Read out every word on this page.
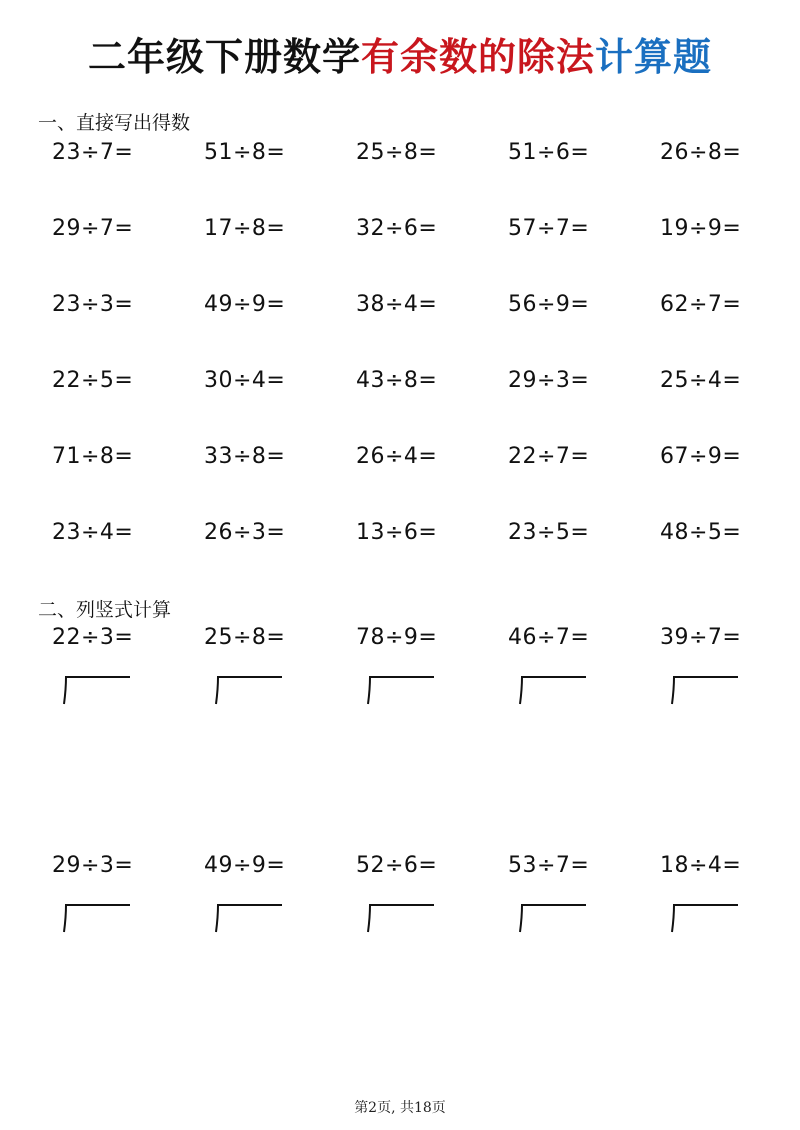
二年级下册数学有余数的除法计算题
一、直接写出得数
23÷7=	51÷8=	25÷8=	51÷6=	26÷8=
29÷7=	17÷8=	32÷6=	57÷7=	19÷9=
23÷3=	49÷9=	38÷4=	56÷9=	62÷7=
22÷5=	30÷4=	43÷8=	29÷3=	25÷4=
71÷8=	33÷8=	26÷4=	22÷7=	67÷9=
23÷4=	26÷3=	13÷6=	23÷5=	48÷5=
二、列竖式计算
22÷3=	25÷8=	78÷9=	46÷7=	39÷7=
29÷3=	49÷9=	52÷6=	53÷7=	18÷4=
第2页, 共18页
